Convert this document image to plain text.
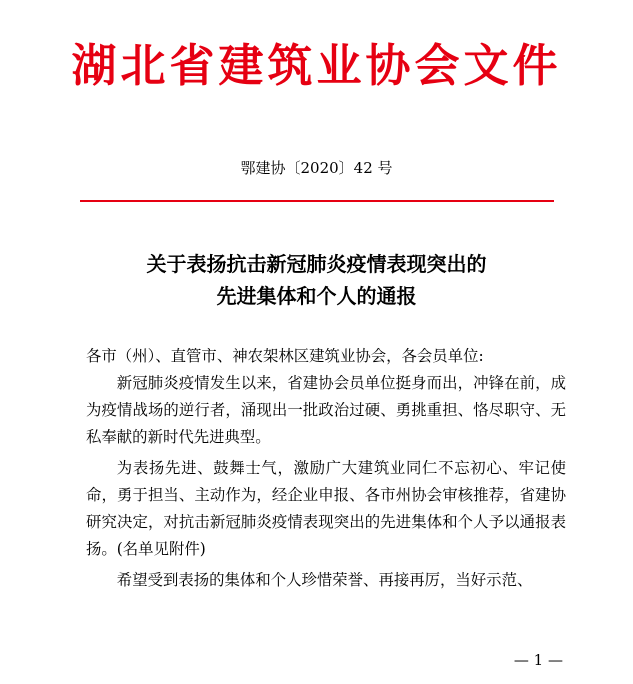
湖北省建筑业协会文件
鄂建协〔2020〕42 号
关于表扬抗击新冠肺炎疫情表现突出的
先进集体和个人的通报

各市（州）、直管市、神农架林区建筑业协会，各会员单位:

新冠肺炎疫情发生以来，省建协会员单位挺身而出，冲锋在前，成为疫情战场的逆行者，涌现出一批政治过硬、勇挑重担、恪尽职守、无私奉献的新时代先进典型。

为表扬先进、鼓舞士气，激励广大建筑业同仁不忘初心、牢记使命，勇于担当、主动作为，经企业申报、各市州协会审核推荐，省建协研究决定，对抗击新冠肺炎疫情表现突出的先进集体和个人予以通报表扬。(名单见附件)

希望受到表扬的集体和个人珍惜荣誉、再接再厉，当好示范、

— 1 —
